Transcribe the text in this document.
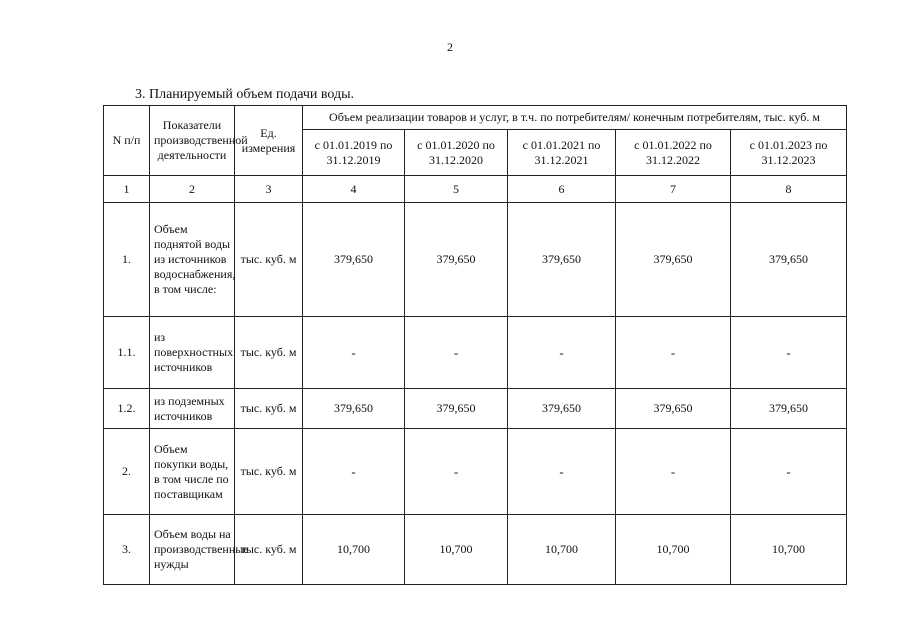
2
3. Планируемый объем подачи воды.
N п/п	Показатели производственной деятельности	Ед. измерения	Объем реализации товаров и услуг, в т.ч. по потребителям/ конечным потребителям, тыс. куб. м				
			с 01.01.2019 по 31.12.2019	с 01.01.2020 по 31.12.2020	с 01.01.2021 по 31.12.2021	с 01.01.2022 по 31.12.2022	с 01.01.2023 по 31.12.2023
1	2	3	4	5	6	7	8
1.	Объем поднятой воды из источников водоснабжения, в том числе:	тыс. куб. м	379,650	379,650	379,650	379,650	379,650
1.1.	из поверхностных источников	тыс. куб. м	-	-	-	-	-
1.2.	из подземных источников	тыс. куб. м	379,650	379,650	379,650	379,650	379,650
2.	Объем покупки воды, в том числе по поставщикам	тыс. куб. м	-	-	-	-	-
3.	Объем воды на производственные нужды	тыс. куб. м	10,700	10,700	10,700	10,700	10,700
